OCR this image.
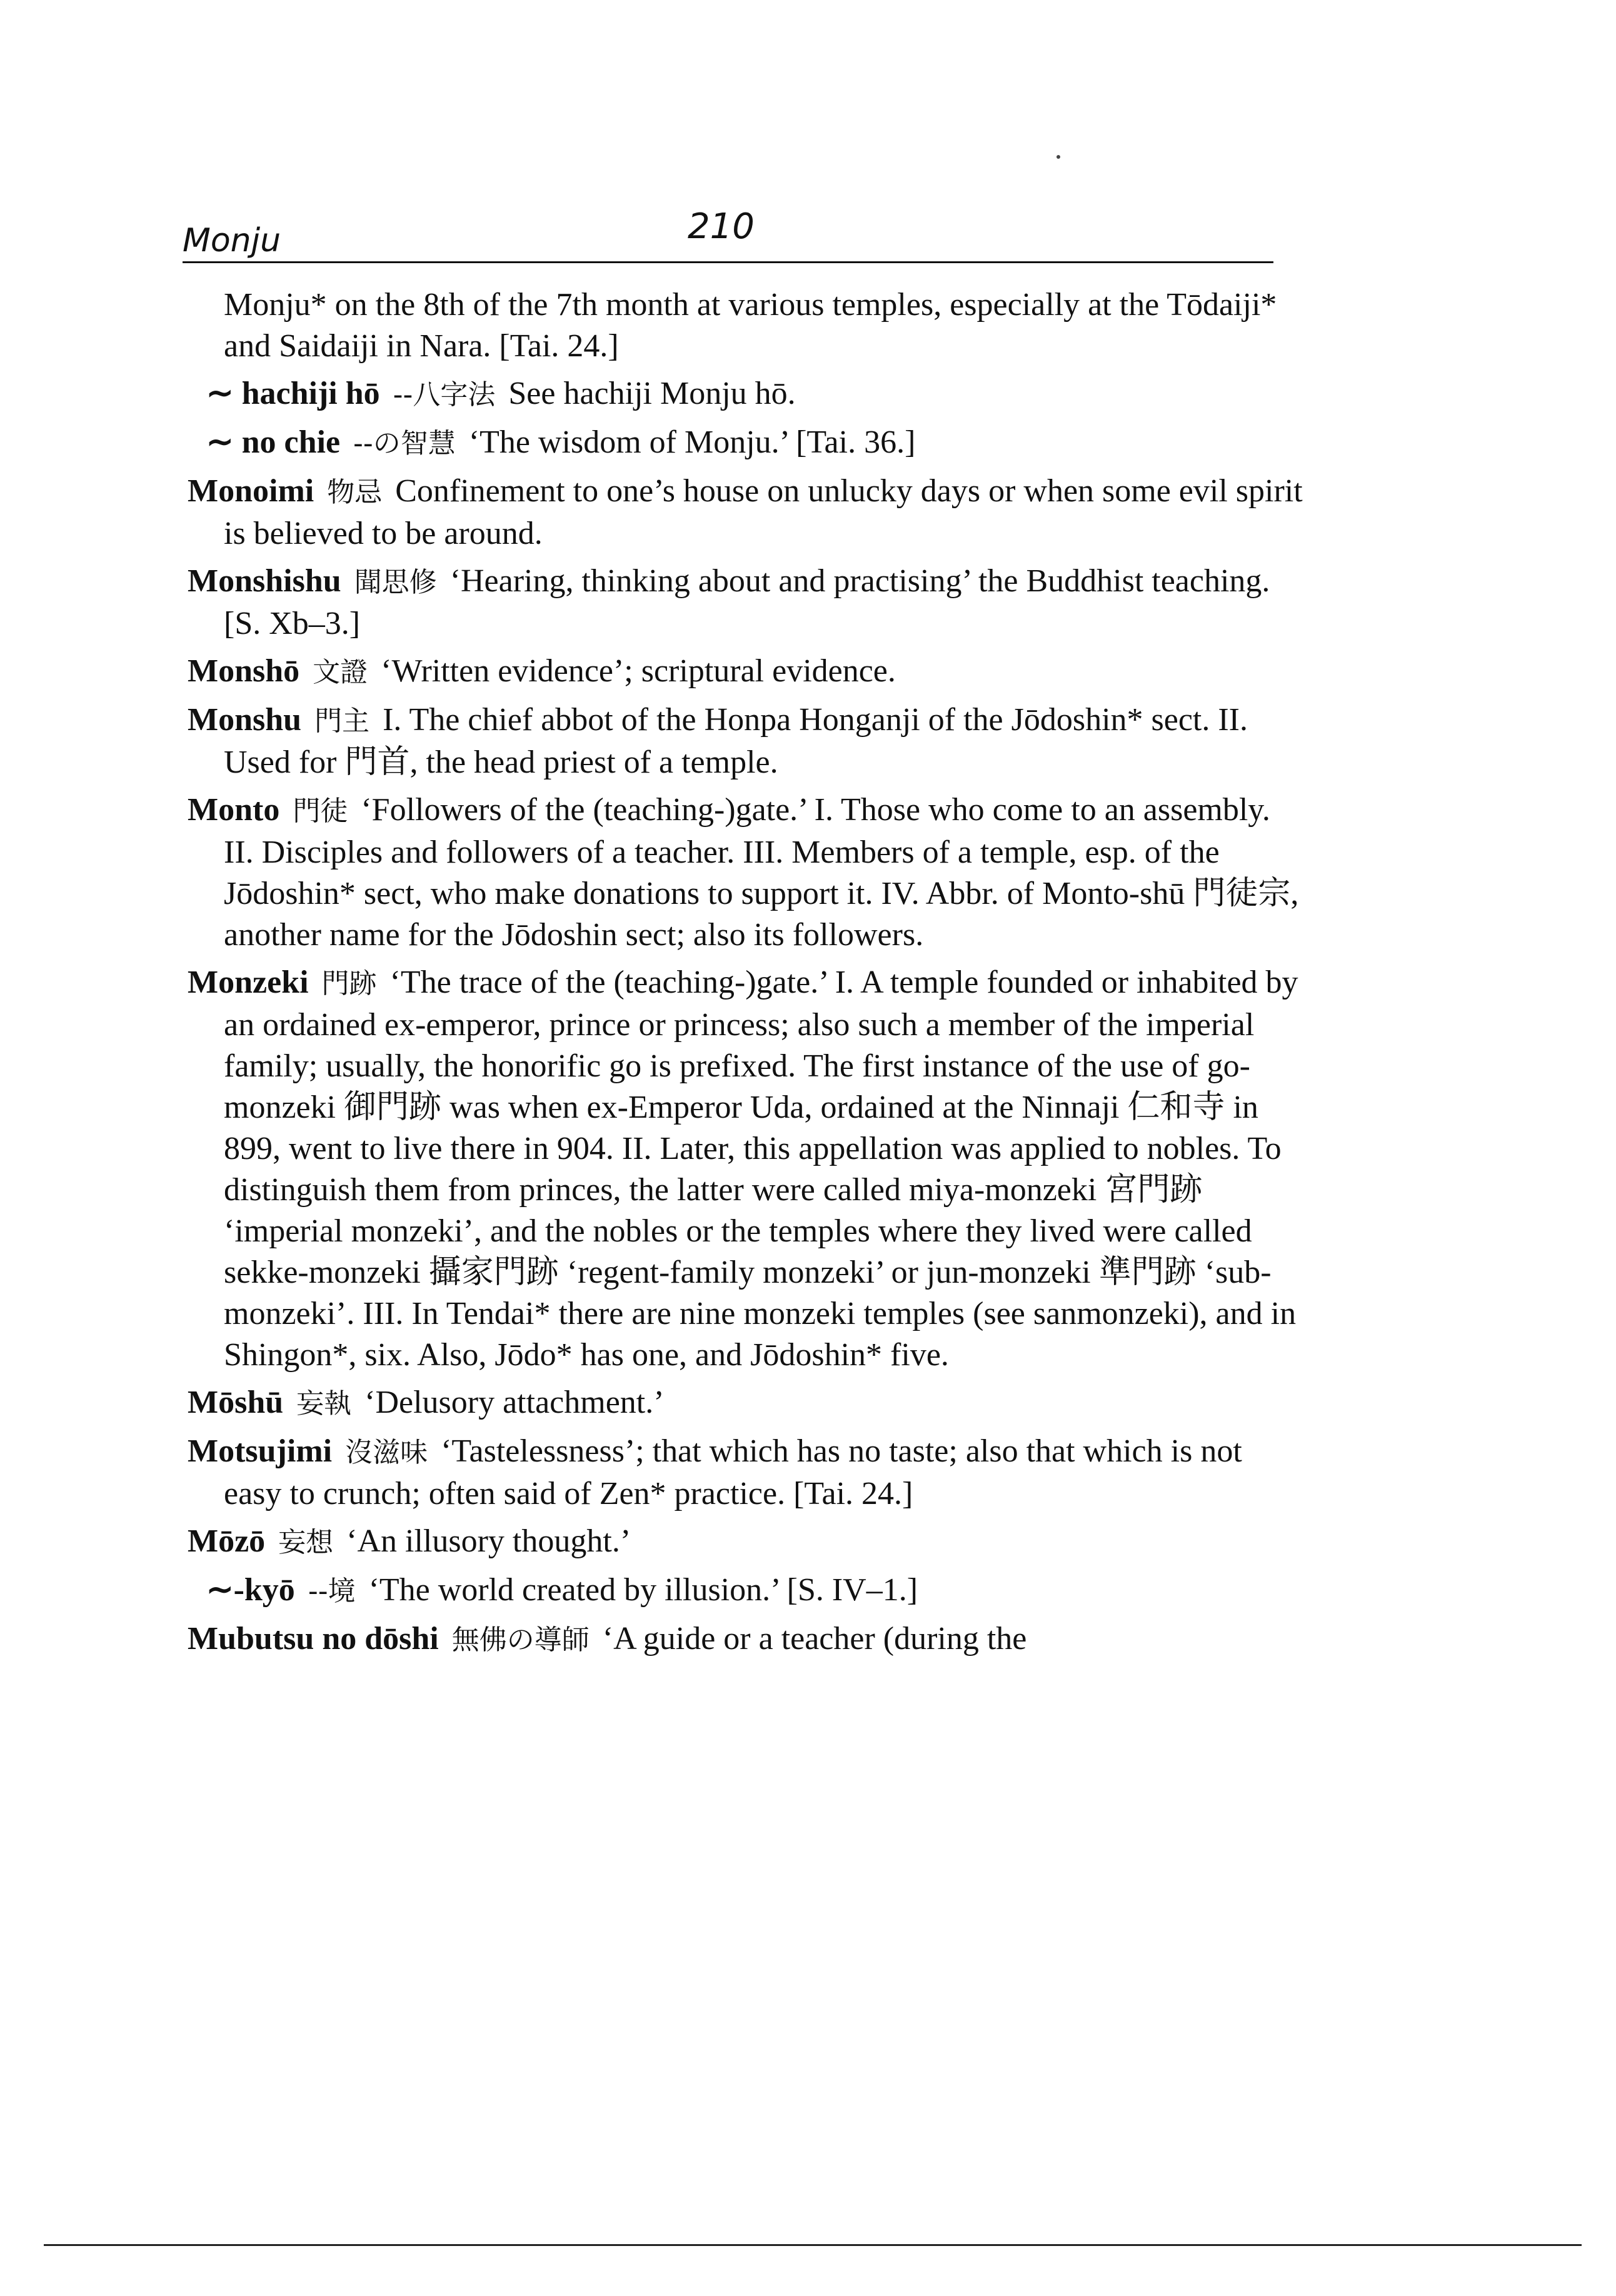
Monju	210

Monju* on the 8th of the 7th month at various temples, especially at the Tōdaiji* and Saidaiji in Nara. [Tai. 24.]

∼ hachiji hō --八字法 See hachiji Monju hō.

∼ no chie --の智慧 ‘The wisdom of Monju.’ [Tai. 36.]

Monoimi 物忌 Confinement to one’s house on unlucky days or when some evil spirit is believed to be around.

Monshishu 聞思修 ‘Hearing, thinking about and practising’ the Buddhist teaching. [S. Xb–3.]

Monshō 文證 ‘Written evidence’; scriptural evidence.

Monshu 門主 I. The chief abbot of the Honpa Honganji of the Jōdoshin* sect. II. Used for 門首, the head priest of a temple.

Monto 門徒 ‘Followers of the (teaching-)gate.’ I. Those who come to an assembly. II. Disciples and followers of a teacher. III. Members of a temple, esp. of the Jōdoshin* sect, who make donations to support it. IV. Abbr. of Monto-shū 門徒宗, another name for the Jōdoshin sect; also its followers.

Monzeki 門跡 ‘The trace of the (teaching-)gate.’ I. A temple founded or inhabited by an ordained ex-emperor, prince or princess; also such a member of the imperial family; usually, the honorific go is prefixed. The first instance of the use of go-monzeki 御門跡 was when ex-Emperor Uda, ordained at the Ninnaji 仁和寺 in 899, went to live there in 904. II. Later, this appellation was applied to nobles. To distinguish them from princes, the latter were called miya-monzeki 宮門跡 ‘imperial monzeki’, and the nobles or the temples where they lived were called sekke-monzeki 攝家門跡 ‘regent-family monzeki’ or jun-monzeki 準門跡 ‘sub-monzeki’. III. In Tendai* there are nine monzeki temples (see sanmonzeki), and in Shingon*, six. Also, Jōdo* has one, and Jōdoshin* five.

Mōshū 妄執 ‘Delusory attachment.’

Motsujimi 沒滋味 ‘Tastelessness’; that which has no taste; also that which is not easy to crunch; often said of Zen* practice. [Tai. 24.]

Mōzō 妄想 ‘An illusory thought.’

∼-kyō --境 ‘The world created by illusion.’ [S. IV–1.]

Mubutsu no dōshi 無佛の導師 ‘A guide or a teacher (during the
